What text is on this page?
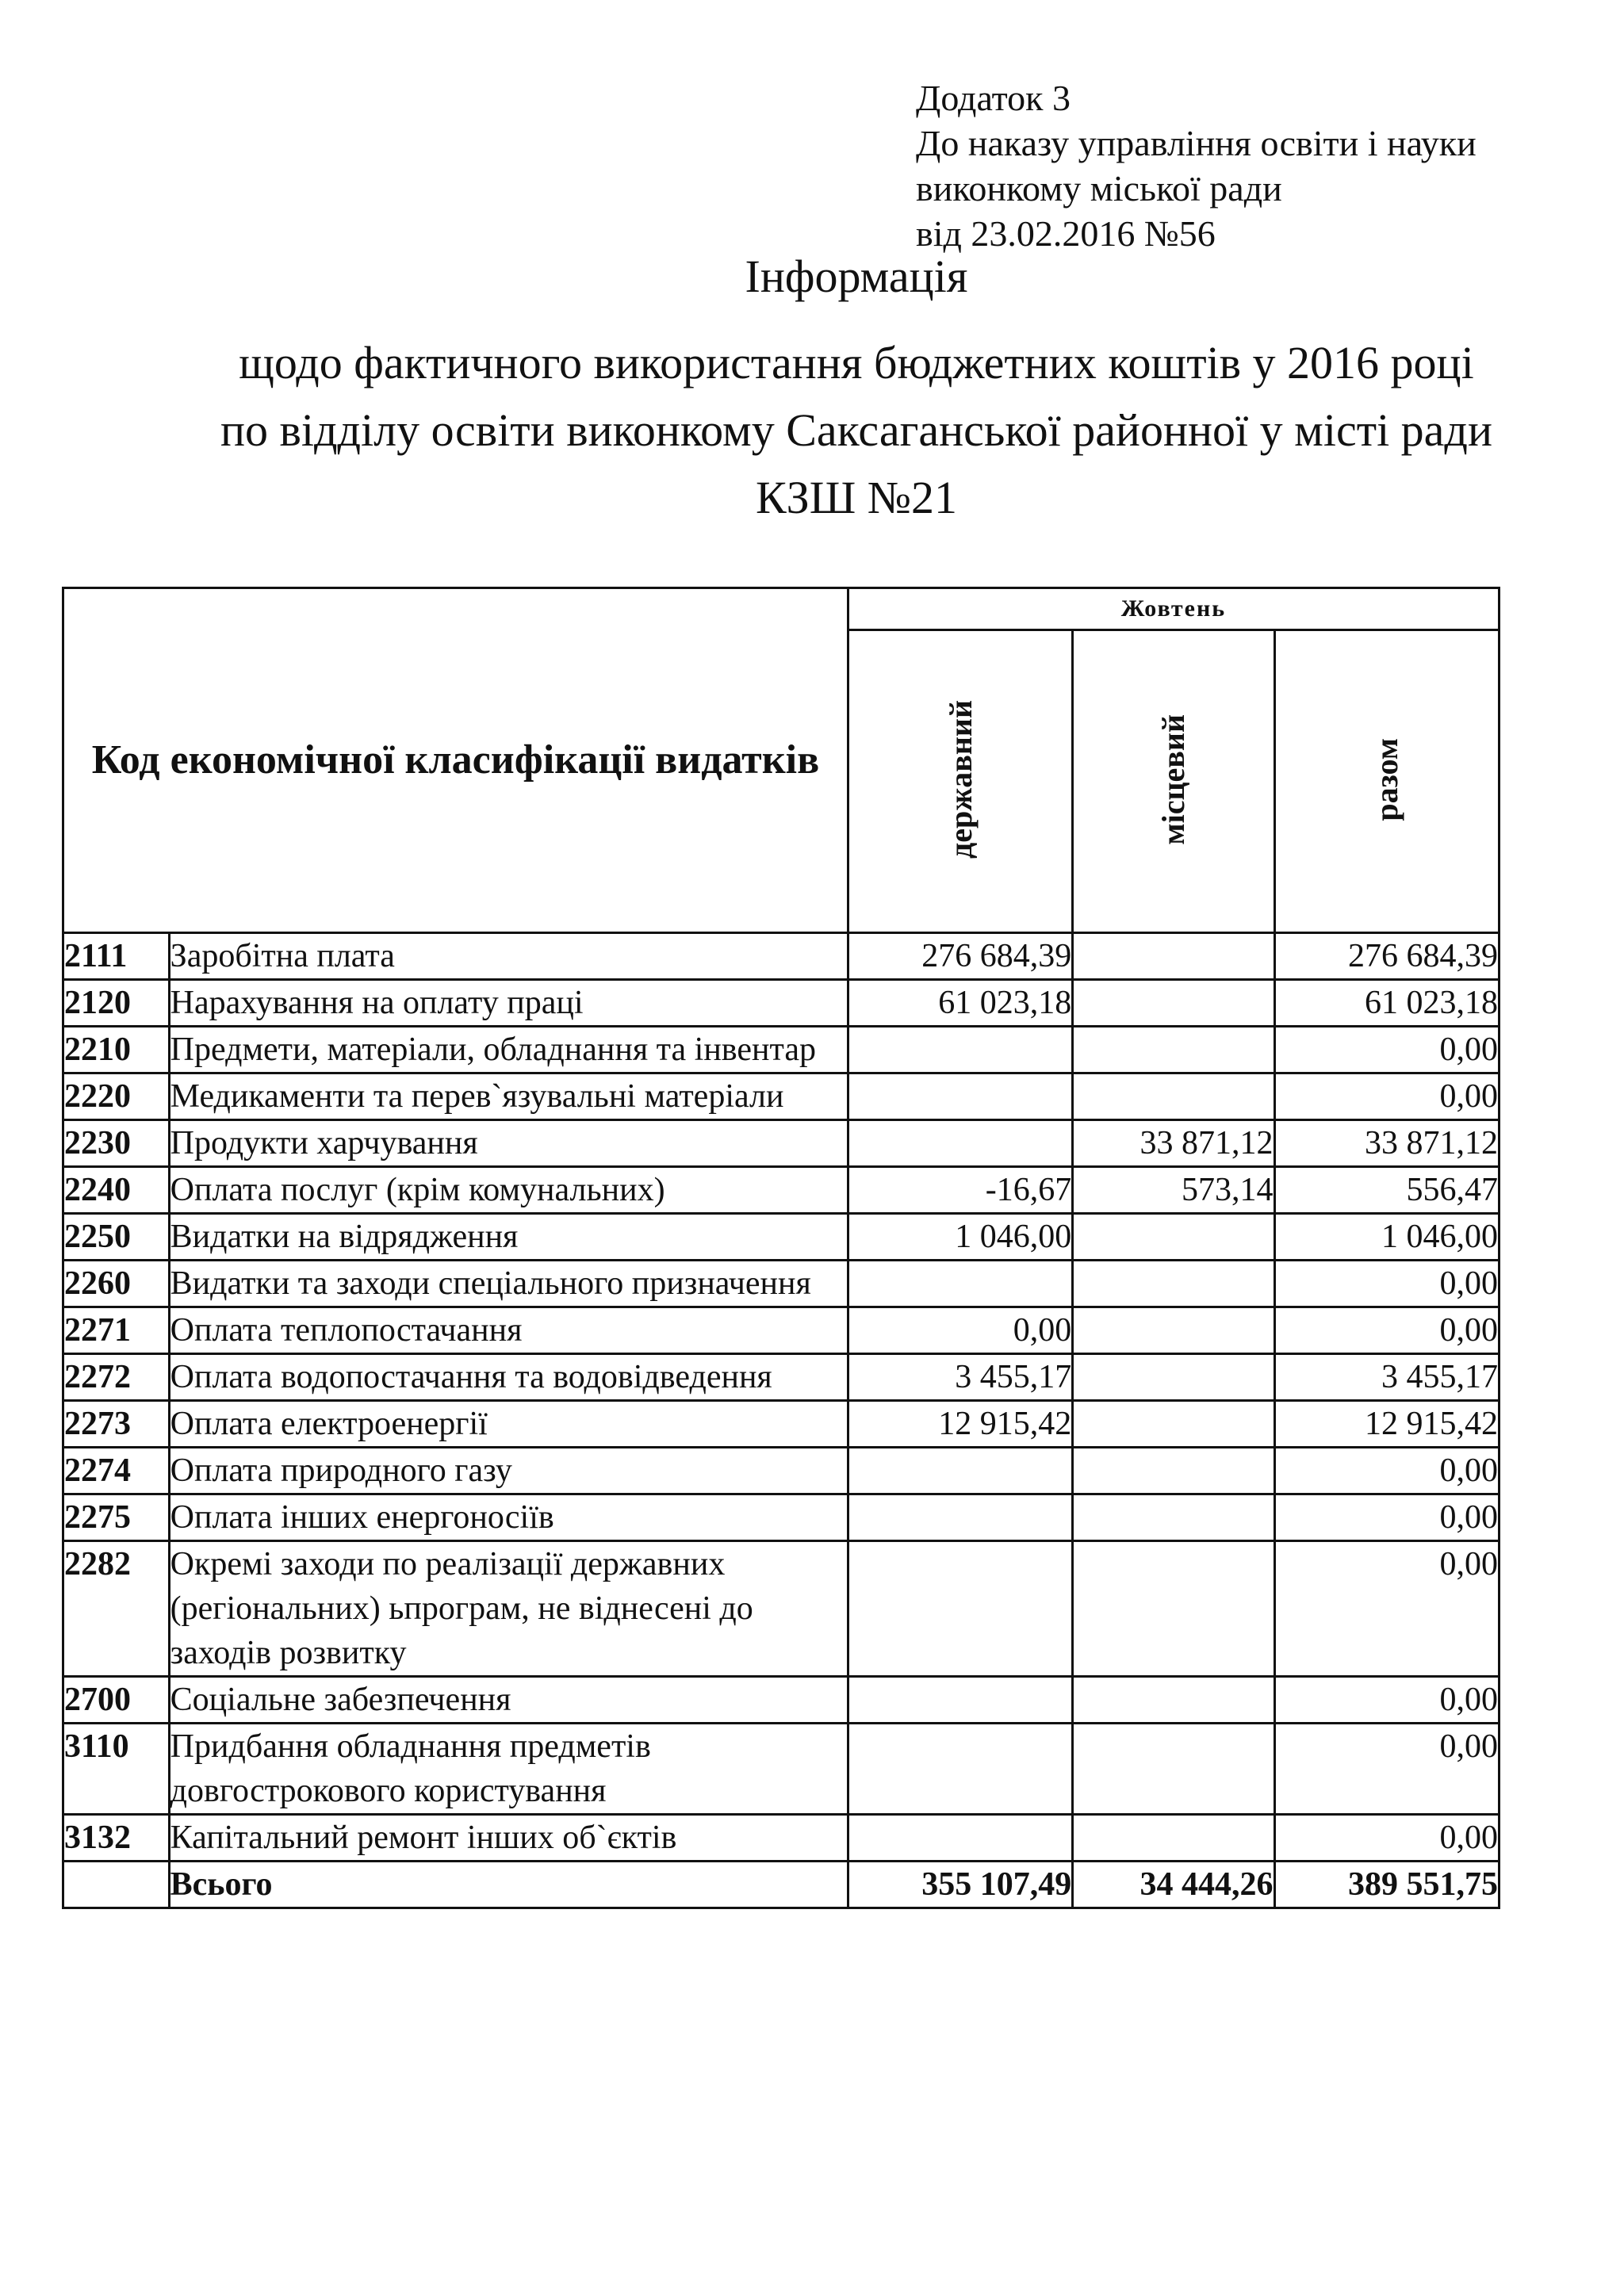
Додаток 3
До наказу управління освіти і науки
виконкому міської ради
від 23.02.2016 №56
Інформація
щодо фактичного використання бюджетних коштів у 2016 році
по відділу освіти виконкому Саксаганської районної у місті ради
КЗШ №21
Код економічної класифікації видатків		Жовтень		
		державний	місцевий	разом
2111	Заробітна плата	276 684,39		276 684,39
2120	Нарахування на оплату праці	61 023,18		61 023,18
2210	Предмети, матеріали, обладнання та інвентар			0,00
2220	Медикаменти та перев`язувальні матеріали			0,00
2230	Продукти харчування		33 871,12	33 871,12
2240	Оплата послуг (крім комунальних)	-16,67	573,14	556,47
2250	Видатки на відрядження	1 046,00		1 046,00
2260	Видатки та заходи спеціального призначення			0,00
2271	Оплата теплопостачання	0,00		0,00
2272	Оплата водопостачання та водовідведення	3 455,17		3 455,17
2273	Оплата електроенергії	12 915,42		12 915,42
2274	Оплата природного газу			0,00
2275	Оплата інших енергоносіїв			0,00
2282	Окремі заходи по реалізації державних (регіональних) ьпрограм, не віднесені до заходів розвитку			0,00
2700	Соціальне забезпечення			0,00
3110	Придбання обладнання предметів довгострокового користування			0,00
3132	Капітальний ремонт інших об`єктів			0,00
	Всього	355 107,49	34 444,26	389 551,75
